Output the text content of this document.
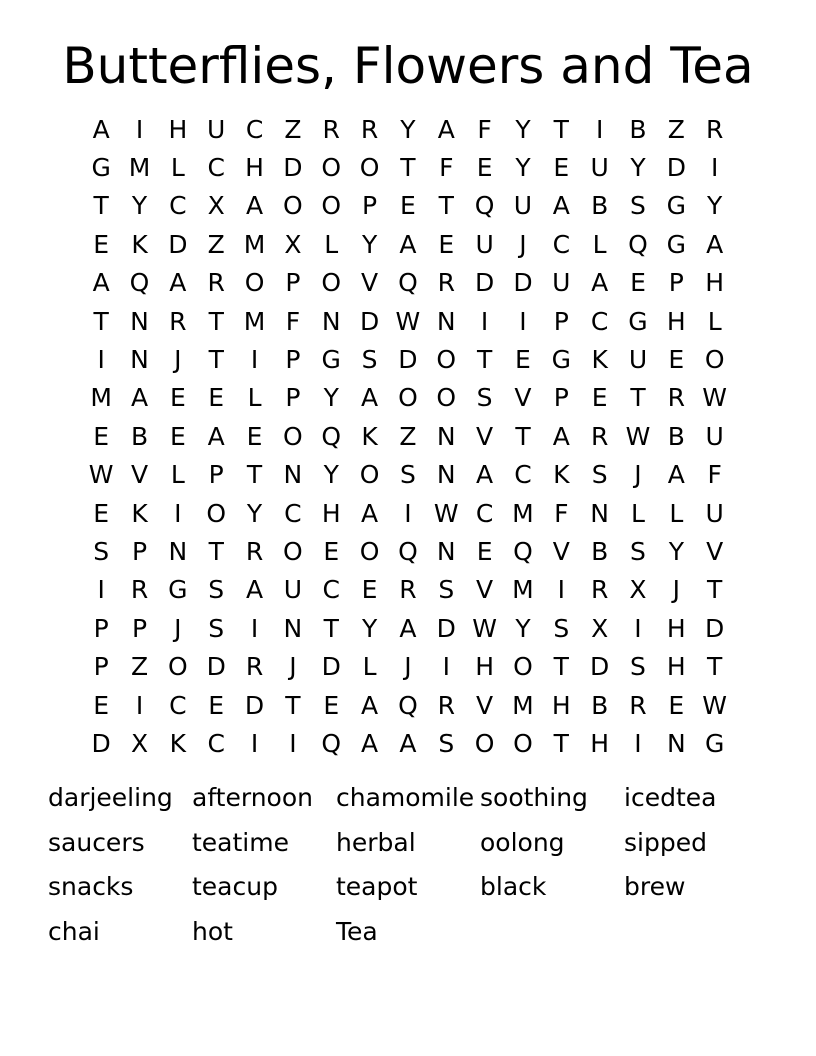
Butterflies, Flowers and Tea
A	I	H U C Z R R Y A F Y T	I	B Z R
G M L C H D O O T F E Y E U Y D	I
T Y C X A O O P E T Q U A B S G Y
E K D Z M X L Y A E U	J	C L Q G A
A Q A R O P O V Q R D D U A E P H
T N R T M F N D W N	I	I	P C G H L
I	N	J	T	I	P G S D O T E G K U E O
M A E E L P Y A O O S V P E T R W
E B E A E O Q K Z N V T A R W B U
W V L P T N Y O S N A C K S	J	A F
E K	I O Y C H A	I W C M F N L L U
S P N T R O E O Q N E Q V B S Y V
I	R G S A U C E R S V M I	R X	J	T
P P	J	S	I	N T Y A D W Y S X	I	H D
P Z O D R	J	D L	J	I	H O T D S H T
E	I	C E D T E A Q R V M H B R E W
D X K C	I	I Q A A S O O T H	I	N G
darjeeling afternoon chamomile soothing	icedtea
saucers	teatime	herbal	oolong	sipped
snacks	teacup	teapot	black	brew
chai	hot	Tea
